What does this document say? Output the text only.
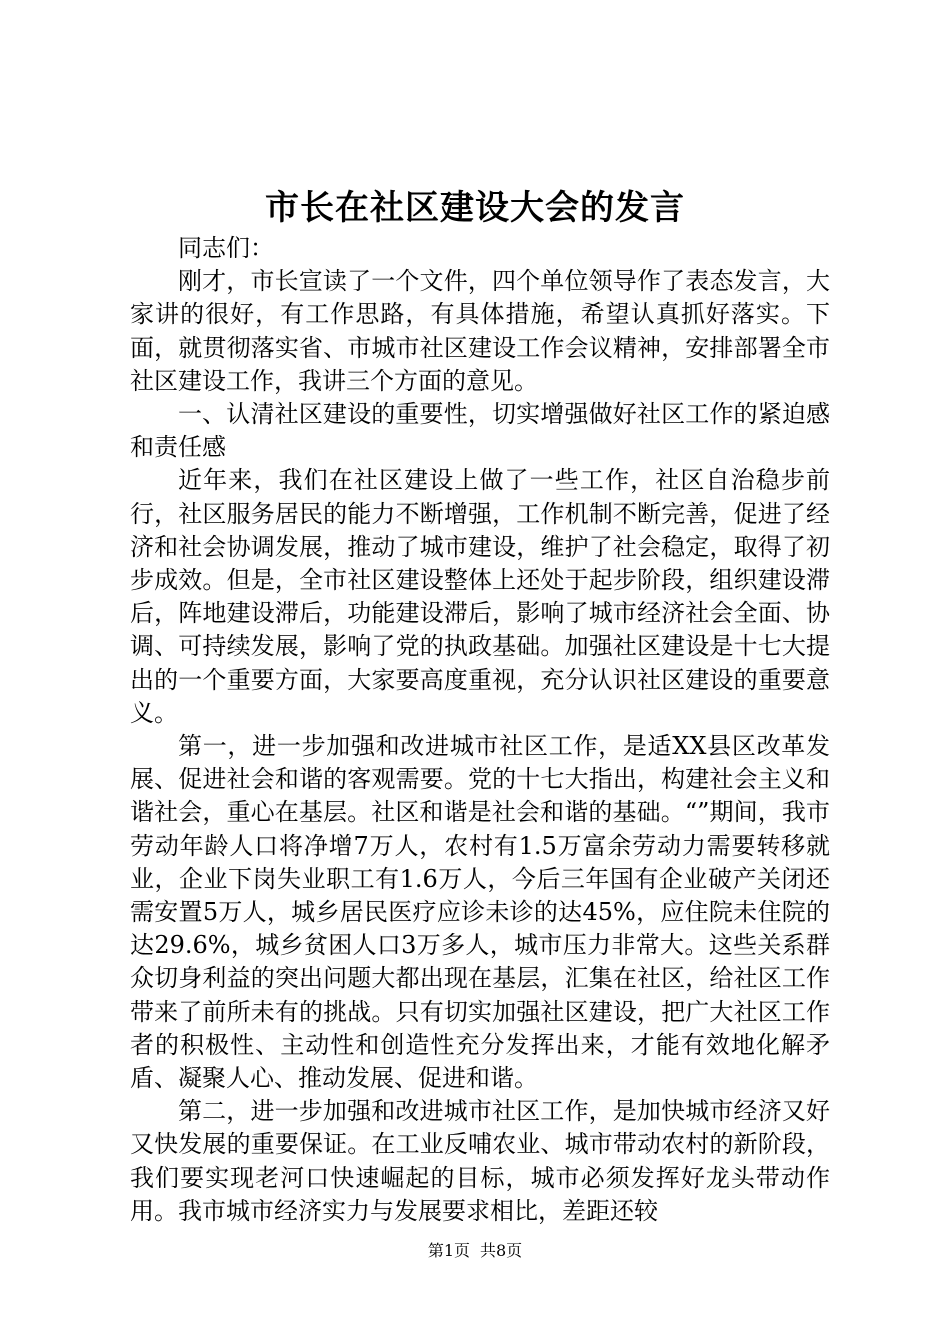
市长在社区建设大会的发言

同志们：

刚才，市长宣读了一个文件，四个单位领导作了表态发言，大家讲的很好，有工作思路，有具体措施，希望认真抓好落实。下面，就贯彻落实省、市城市社区建设工作会议精神，安排部署全市社区建设工作，我讲三个方面的意见。

一、认清社区建设的重要性，切实增强做好社区工作的紧迫感和责任感

近年来，我们在社区建设上做了一些工作，社区自治稳步前行，社区服务居民的能力不断增强，工作机制不断完善，促进了经济和社会协调发展，推动了城市建设，维护了社会稳定，取得了初步成效。但是，全市社区建设整体上还处于起步阶段，组织建设滞后，阵地建设滞后，功能建设滞后，影响了城市经济社会全面、协调、可持续发展，影响了党的执政基础。加强社区建设是十七大提出的一个重要方面，大家要高度重视，充分认识社区建设的重要意义。

第一，进一步加强和改进城市社区工作，是适XX县区改革发展、促进社会和谐的客观需要。党的十七大指出，构建社会主义和谐社会，重心在基层。社区和谐是社会和谐的基础。“”期间，我市劳动年龄人口将净增7万人，农村有1.5万富余劳动力需要转移就业，企业下岗失业职工有1.6万人，今后三年国有企业破产关闭还需安置5万人，城乡居民医疗应诊未诊的达45%，应住院未住院的达29.6%，城乡贫困人口3万多人，城市压力非常大。这些关系群众切身利益的突出问题大都出现在基层，汇集在社区，给社区工作带来了前所未有的挑战。只有切实加强社区建设，把广大社区工作者的积极性、主动性和创造性充分发挥出来，才能有效地化解矛盾、凝聚人心、推动发展、促进和谐。

第二，进一步加强和改进城市社区工作，是加快城市经济又好又快发展的重要保证。在工业反哺农业、城市带动农村的新阶段，我们要实现老河口快速崛起的目标，城市必须发挥好龙头带动作用。我市城市经济实力与发展要求相比，差距还较

第1页 共8页
